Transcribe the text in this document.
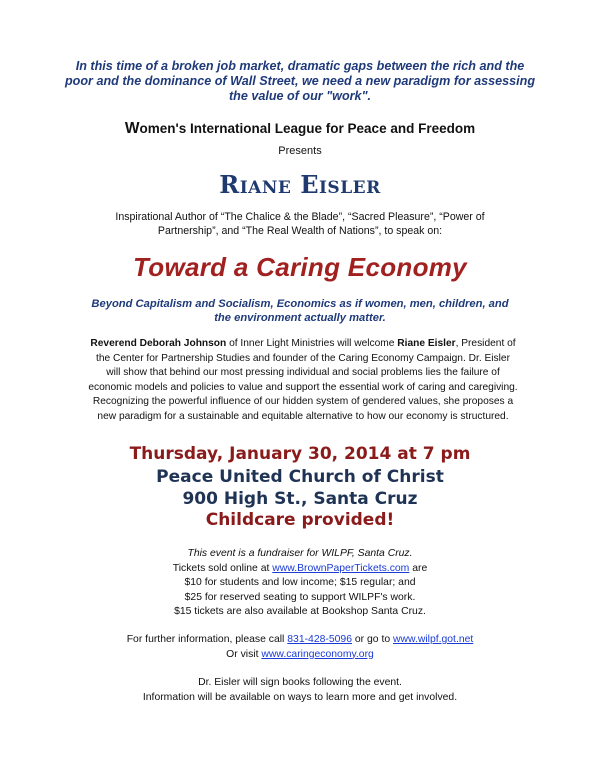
In this time of a broken job market, dramatic gaps between the rich and the poor and the dominance of Wall Street, we need a new paradigm for assessing the value of our "work".
Women's International League for Peace and Freedom
Presents
Riane Eisler
Inspirational Author of “The Chalice & the Blade”, “Sacred Pleasure”, “Power of Partnership”, and “The Real Wealth of Nations”, to speak on:
Toward a Caring Economy
Beyond Capitalism and Socialism, Economics as if women, men, children, and the environment actually matter.
Reverend Deborah Johnson of Inner Light Ministries will welcome Riane Eisler, President of the Center for Partnership Studies and founder of the Caring Economy Campaign. Dr. Eisler will show that behind our most pressing individual and social problems lies the failure of economic models and policies to value and support the essential work of caring and caregiving. Recognizing the powerful influence of our hidden system of gendered values, she proposes a new paradigm for a sustainable and equitable alternative to how our economy is structured.
Thursday, January 30, 2014 at 7 pm
Peace United Church of Christ
900 High St., Santa Cruz
Childcare provided!
This event is a fundraiser for WILPF, Santa Cruz.
Tickets sold online at www.BrownPaperTickets.com are
$10 for students and low income; $15 regular; and
$25 for reserved seating to support WILPF's work.
$15 tickets are also available at Bookshop Santa Cruz.
For further information, please call 831-428-5096 or go to www.wilpf.got.net
Or visit www.caringeconomy.org
Dr. Eisler will sign books following the event.
Information will be available on ways to learn more and get involved.
